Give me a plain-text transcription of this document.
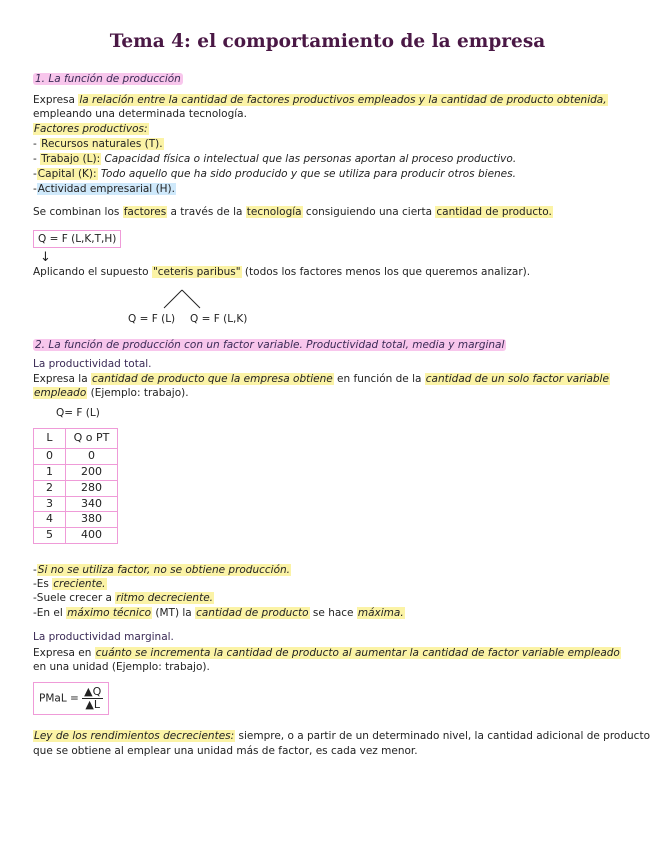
Tema 4: el comportamiento de la empresa
1. La función de producción
Expresa la relación entre la cantidad de factores productivos empleados y la cantidad de producto obtenida,
empleando una determinada tecnología.
Factores productivos:
- Recursos naturales (T).
- Trabajo (L): Capacidad física o intelectual que las personas aportan al proceso productivo.
-Capital (K): Todo aquello que ha sido producido y que se utiliza para producir otros bienes.
-Actividad empresarial (H).
Se combinan los factores a través de la tecnología consiguiendo una cierta cantidad de producto.
Q = F (L,K,T,H)
↓
Aplicando el supuesto "ceteris paribus" (todos los factores menos los que queremos analizar).
Q = F (L) Q = F (L,K)
2. La función de producción con un factor variable. Productividad total, media y marginal
La productividad total.
Expresa la cantidad de producto que la empresa obtiene en función de la cantidad de un solo factor variable
empleado (Ejemplo: trabajo).
Q= F (L)
L	Q o PT
0	0
1	200
2	280
3	340
4	380
5	400
-Si no se utiliza factor, no se obtiene producción.
-Es creciente.
-Suele crecer a ritmo decreciente.
-En el máximo técnico (MT) la cantidad de producto se hace máxima.
La productividad marginal.
Expresa en cuánto se incrementa la cantidad de producto al aumentar la cantidad de factor variable empleado
en una unidad (Ejemplo: trabajo).
PMaL = $\frac{▲Q}{▲L}$
Ley de los rendimientos decrecientes: siempre, o a partir de un determinado nivel, la cantidad adicional de producto
que se obtiene al emplear una unidad más de factor, es cada vez menor.
